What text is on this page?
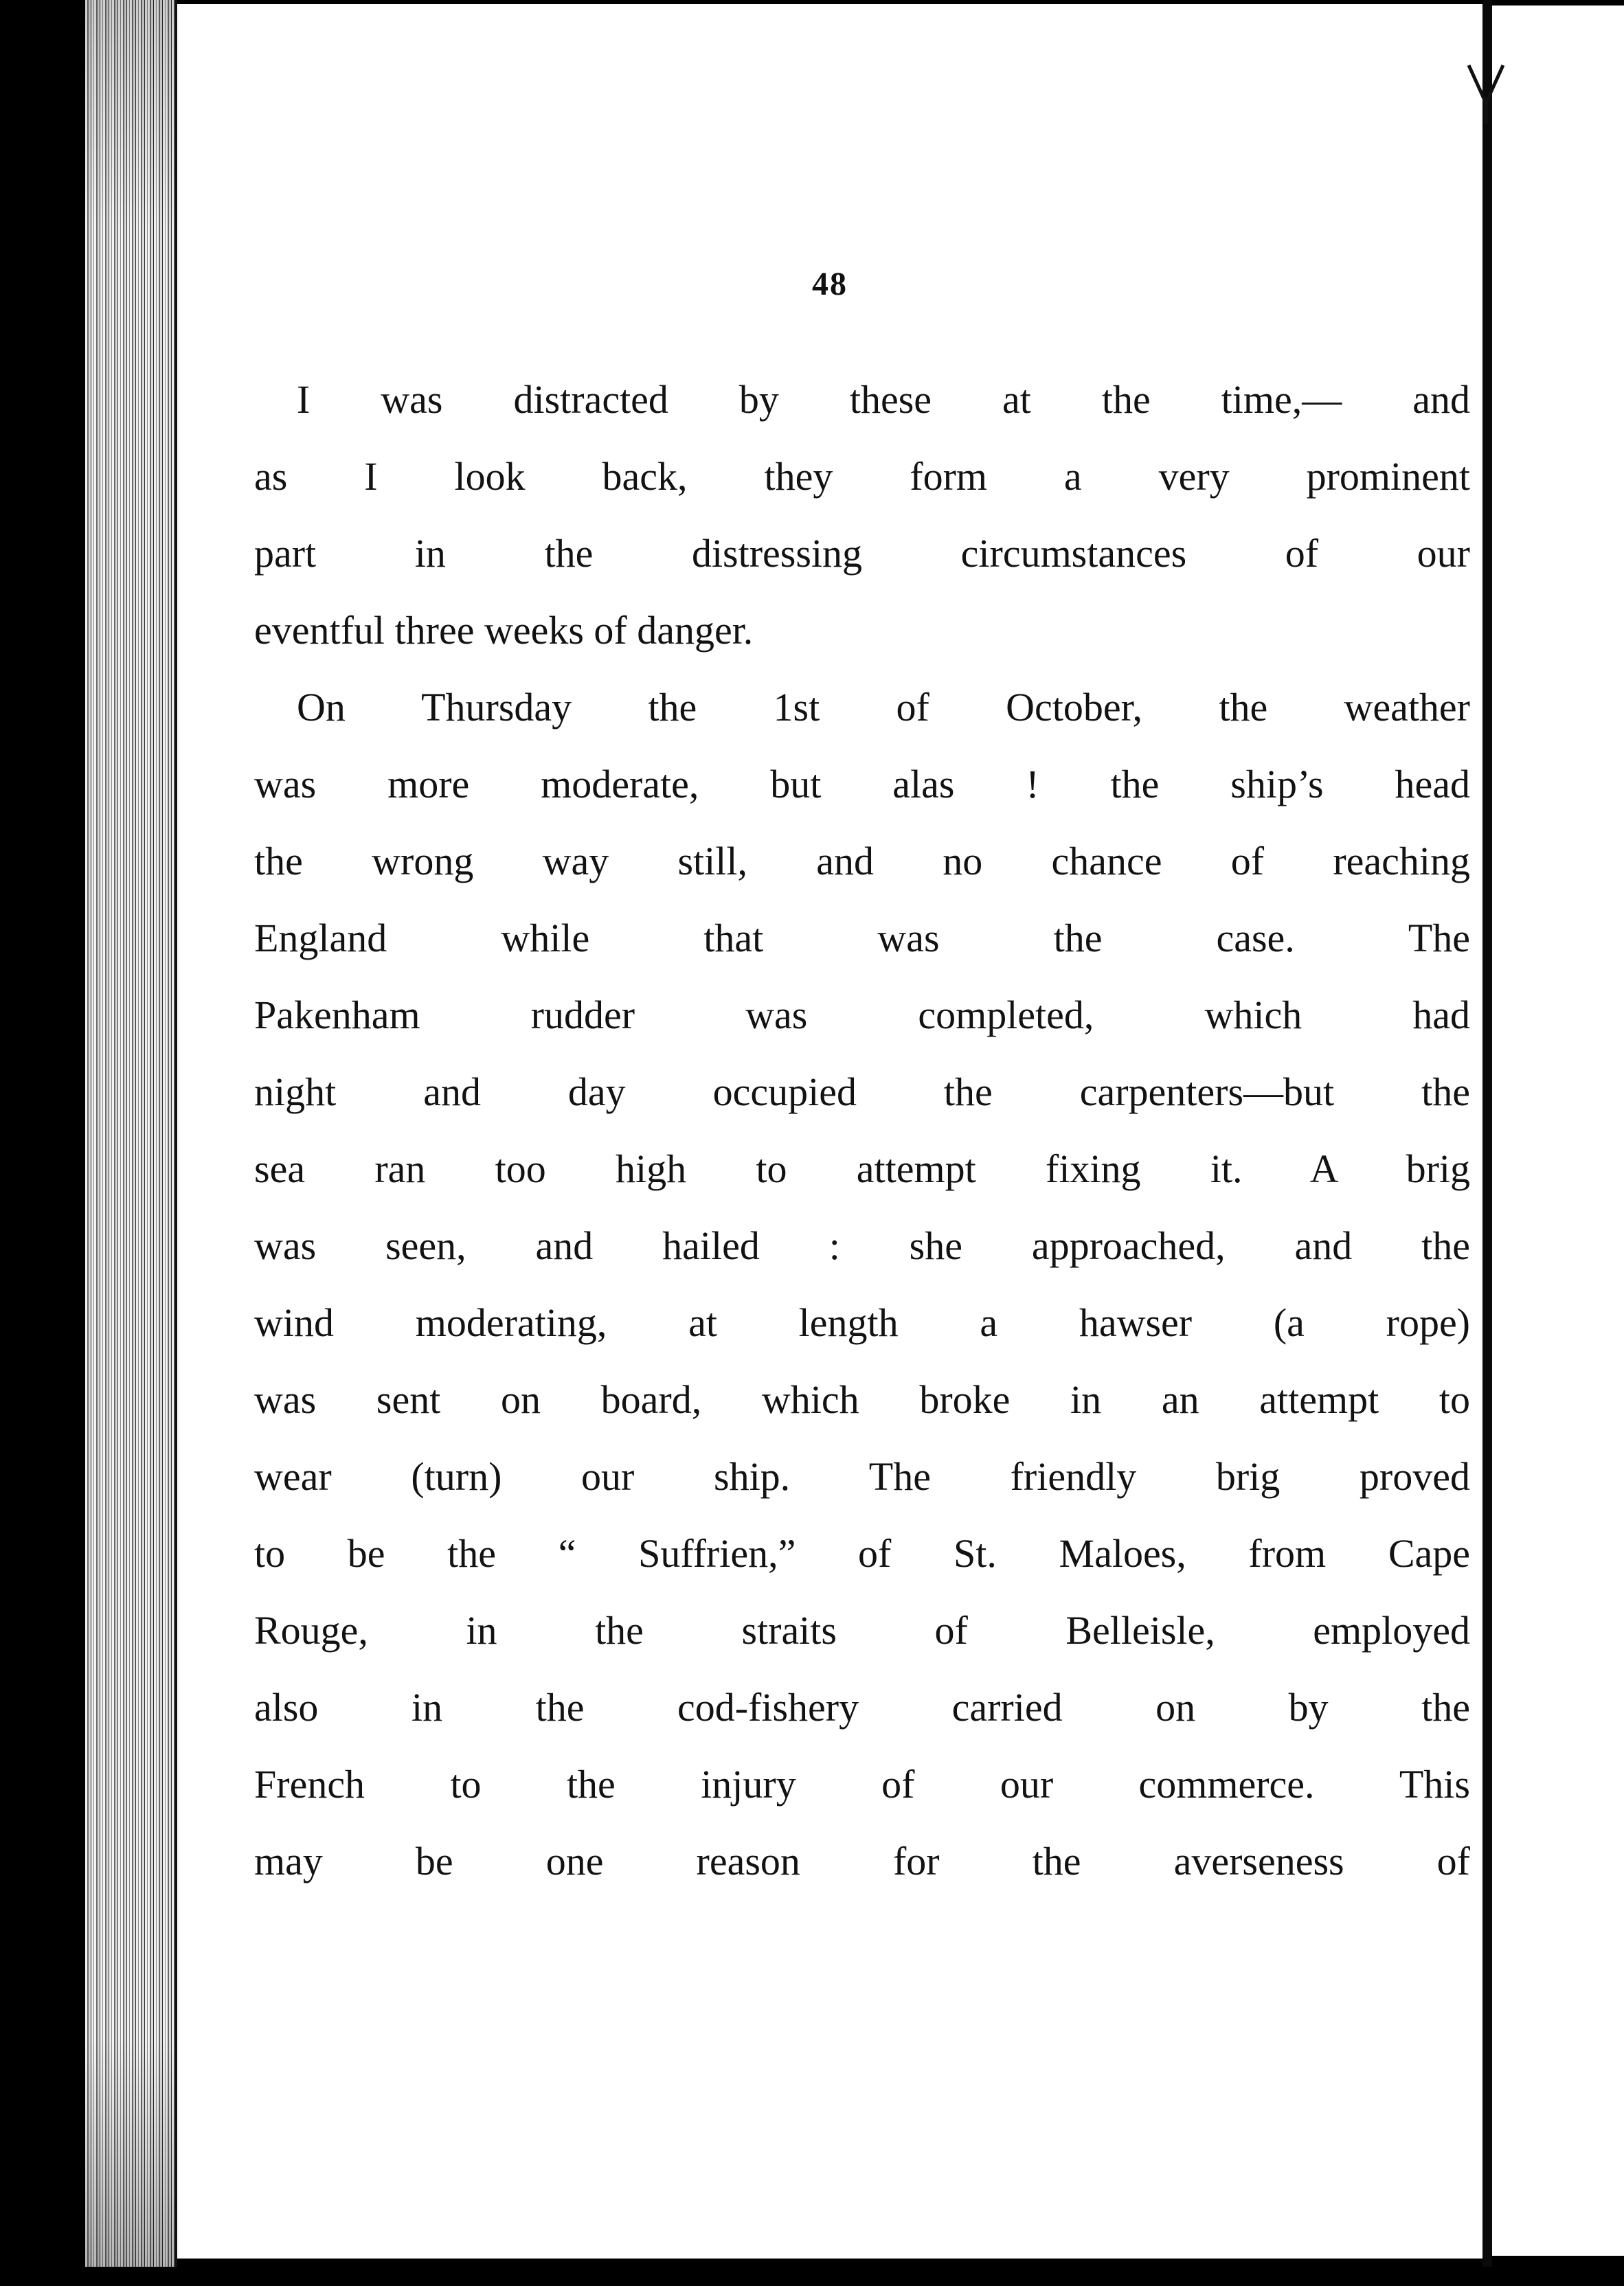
48
I was distracted by these at the time,— and
as I look back, they form a very prominent
part in the distressing circumstances of our
eventful three weeks of danger.
On Thursday the 1st of October, the weather
was more moderate, but alas ! the ship’s head
the wrong way still, and no chance of reaching
England while that was the case. The
Pakenham rudder was completed, which had
night and day occupied the carpenters—but the
sea ran too high to attempt fixing it. A brig
was seen, and hailed : she approached, and the
wind moderating, at length a hawser (a rope)
was sent on board, which broke in an attempt to
wear (turn) our ship. The friendly brig proved
to be the “ Suffrien,” of St. Maloes, from Cape
Rouge, in the straits of Belleisle, employed
also in the cod-fishery carried on by the
French to the injury of our commerce. This
may be one reason for the averseness of
